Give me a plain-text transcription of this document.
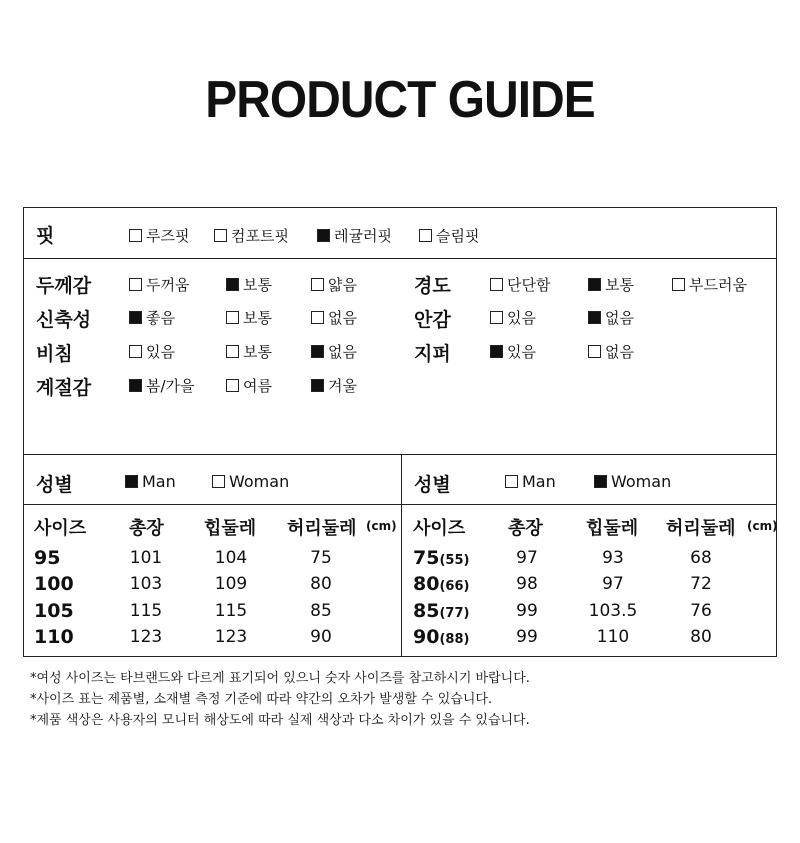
PRODUCT GUIDE
핏	루즈핏	컴포트핏	레귤러핏	슬림핏
두께감	두꺼움	보통	얇음	경도	단단함	보통	부드러움
신축성	좋음	보통	없음	안감	있음	없음
비침	있음	보통	없음	지퍼	있음	없음
계절감	봄/가을	여름	겨울
성별	Man	Woman	성별	Man	Woman
사이즈 총장 힙둘레 허리둘레 (cm) 사이즈 총장 힙둘레 허리둘레 (cm)
95	101	104	75
100	103	109	80
105	115	115	85
110	123	123	90
75(55)	97	93	68
80(66)	98	97	72
85(77)	99	103.5	76
90(88)	99	110	80
*여성 사이즈는 타브랜드와 다르게 표기되어 있으니 숫자 사이즈를 참고하시기 바랍니다.
*사이즈 표는 제품별, 소재별 측정 기준에 따라 약간의 오차가 발생할 수 있습니다.
*제품 색상은 사용자의 모니터 해상도에 따라 실제 색상과 다소 차이가 있을 수 있습니다.
